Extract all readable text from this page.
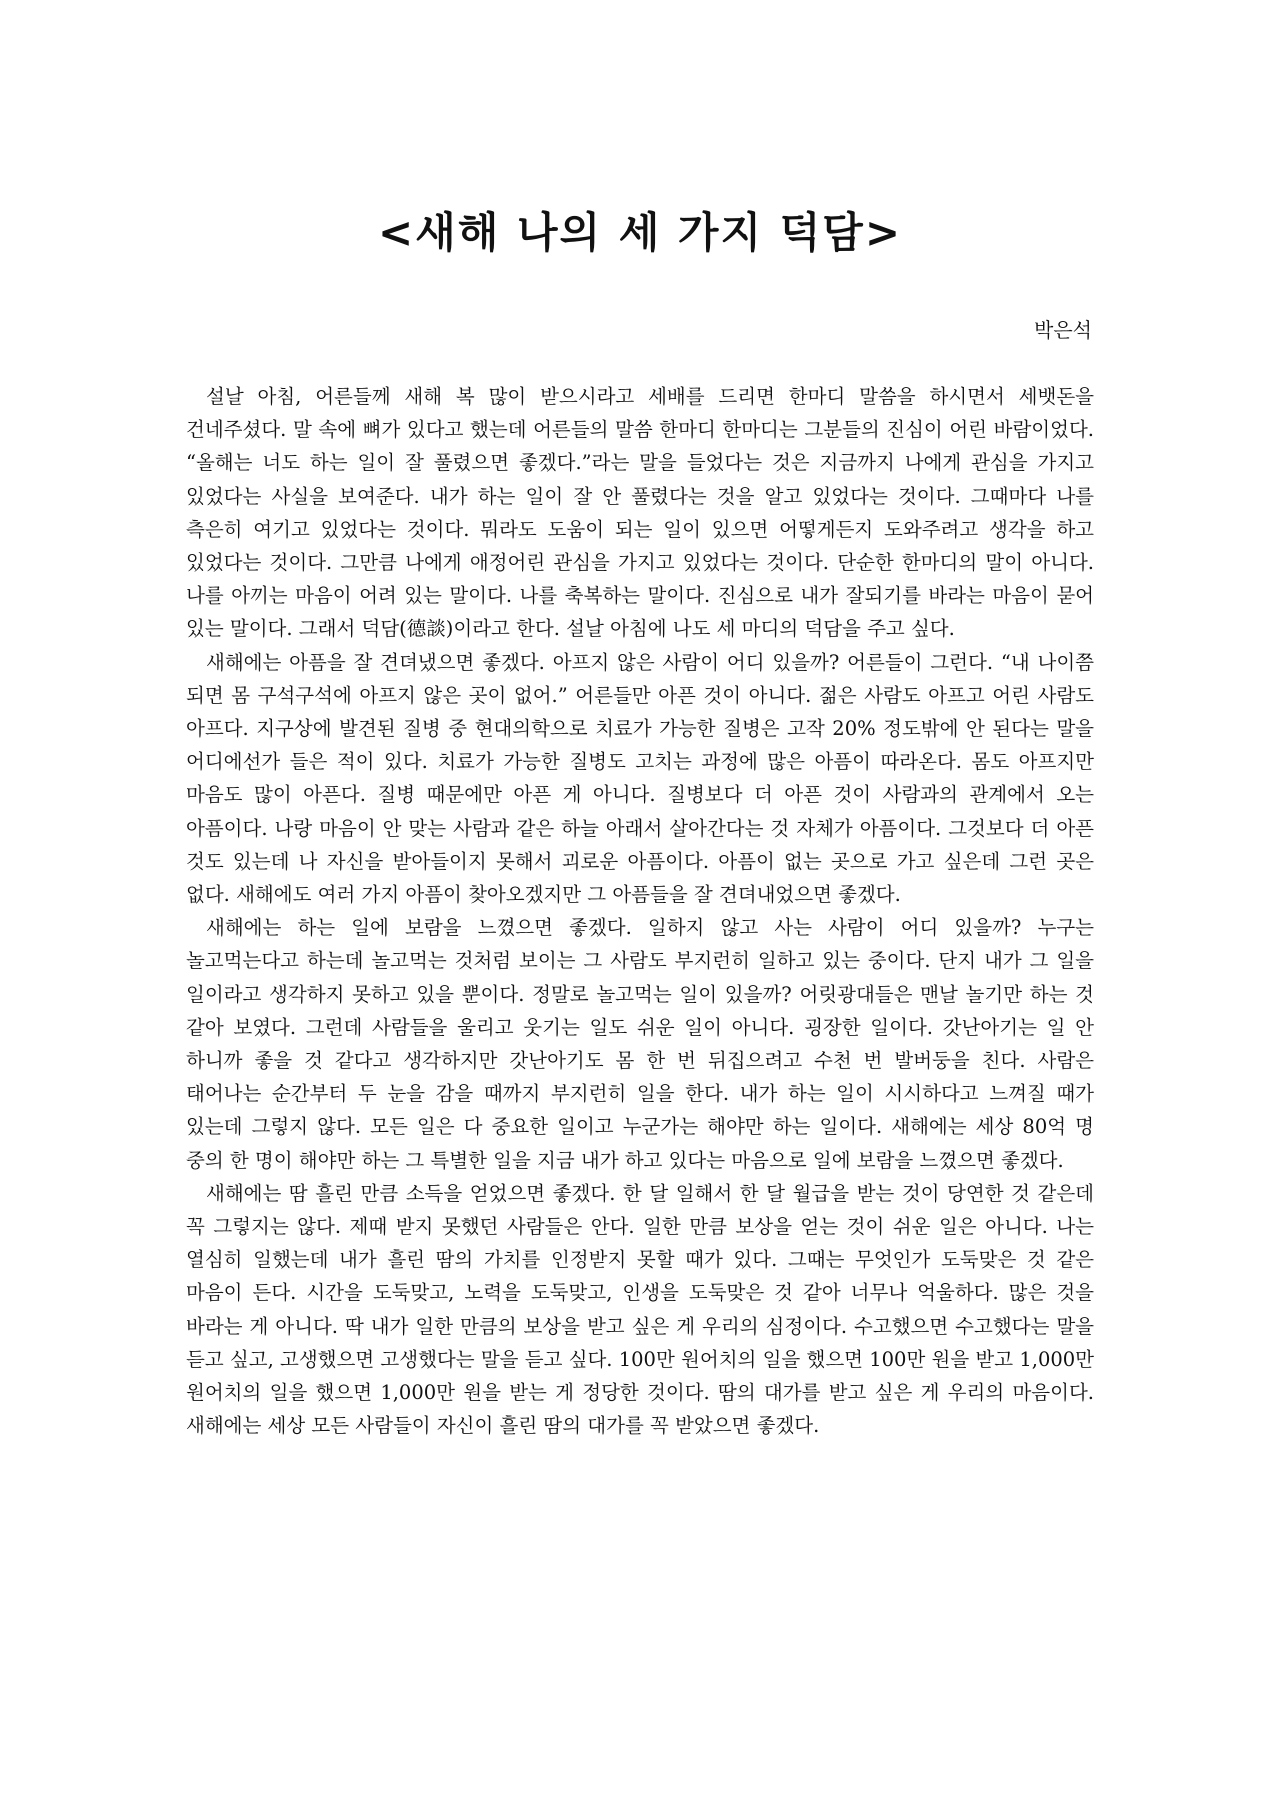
<새해 나의 세 가지 덕담>
박은석

설날 아침, 어른들께 새해 복 많이 받으시라고 세배를 드리면 한마디 말씀을 하시면서 세뱃돈을 건네주셨다. 말 속에 뼈가 있다고 했는데 어른들의 말씀 한마디 한마디는 그분들의 진심이 어린 바람이었다. “올해는 너도 하는 일이 잘 풀렸으면 좋겠다.”라는 말을 들었다는 것은 지금까지 나에게 관심을 가지고 있었다는 사실을 보여준다. 내가 하는 일이 잘 안 풀렸다는 것을 알고 있었다는 것이다. 그때마다 나를 측은히 여기고 있었다는 것이다. 뭐라도 도움이 되는 일이 있으면 어떻게든지 도와주려고 생각을 하고 있었다는 것이다. 그만큼 나에게 애정어린 관심을 가지고 있었다는 것이다. 단순한 한마디의 말이 아니다. 나를 아끼는 마음이 어려 있는 말이다. 나를 축복하는 말이다. 진심으로 내가 잘되기를 바라는 마음이 묻어 있는 말이다. 그래서 덕담(德談)이라고 한다. 설날 아침에 나도 세 마디의 덕담을 주고 싶다.

새해에는 아픔을 잘 견뎌냈으면 좋겠다. 아프지 않은 사람이 어디 있을까? 어른들이 그런다. “내 나이쯤 되면 몸 구석구석에 아프지 않은 곳이 없어.” 어른들만 아픈 것이 아니다. 젊은 사람도 아프고 어린 사람도 아프다. 지구상에 발견된 질병 중 현대의학으로 치료가 가능한 질병은 고작 20% 정도밖에 안 된다는 말을 어디에선가 들은 적이 있다. 치료가 가능한 질병도 고치는 과정에 많은 아픔이 따라온다. 몸도 아프지만 마음도 많이 아픈다. 질병 때문에만 아픈 게 아니다. 질병보다 더 아픈 것이 사람과의 관계에서 오는 아픔이다. 나랑 마음이 안 맞는 사람과 같은 하늘 아래서 살아간다는 것 자체가 아픔이다. 그것보다 더 아픈 것도 있는데 나 자신을 받아들이지 못해서 괴로운 아픔이다. 아픔이 없는 곳으로 가고 싶은데 그런 곳은 없다. 새해에도 여러 가지 아픔이 찾아오겠지만 그 아픔들을 잘 견뎌내었으면 좋겠다.

새해에는 하는 일에 보람을 느꼈으면 좋겠다. 일하지 않고 사는 사람이 어디 있을까? 누구는 놀고먹는다고 하는데 놀고먹는 것처럼 보이는 그 사람도 부지런히 일하고 있는 중이다. 단지 내가 그 일을 일이라고 생각하지 못하고 있을 뿐이다. 정말로 놀고먹는 일이 있을까? 어릿광대들은 맨날 놀기만 하는 것 같아 보였다. 그런데 사람들을 울리고 웃기는 일도 쉬운 일이 아니다. 굉장한 일이다. 갓난아기는 일 안 하니까 좋을 것 같다고 생각하지만 갓난아기도 몸 한 번 뒤집으려고 수천 번 발버둥을 친다. 사람은 태어나는 순간부터 두 눈을 감을 때까지 부지런히 일을 한다. 내가 하는 일이 시시하다고 느껴질 때가 있는데 그렇지 않다. 모든 일은 다 중요한 일이고 누군가는 해야만 하는 일이다. 새해에는 세상 80억 명 중의 한 명이 해야만 하는 그 특별한 일을 지금 내가 하고 있다는 마음으로 일에 보람을 느꼈으면 좋겠다.

새해에는 땀 흘린 만큼 소득을 얻었으면 좋겠다. 한 달 일해서 한 달 월급을 받는 것이 당연한 것 같은데 꼭 그렇지는 않다. 제때 받지 못했던 사람들은 안다. 일한 만큼 보상을 얻는 것이 쉬운 일은 아니다. 나는 열심히 일했는데 내가 흘린 땀의 가치를 인정받지 못할 때가 있다. 그때는 무엇인가 도둑맞은 것 같은 마음이 든다. 시간을 도둑맞고, 노력을 도둑맞고, 인생을 도둑맞은 것 같아 너무나 억울하다. 많은 것을 바라는 게 아니다. 딱 내가 일한 만큼의 보상을 받고 싶은 게 우리의 심정이다. 수고했으면 수고했다는 말을 듣고 싶고, 고생했으면 고생했다는 말을 듣고 싶다. 100만 원어치의 일을 했으면 100만 원을 받고 1,000만 원어치의 일을 했으면 1,000만 원을 받는 게 정당한 것이다. 땀의 대가를 받고 싶은 게 우리의 마음이다. 새해에는 세상 모든 사람들이 자신이 흘린 땀의 대가를 꼭 받았으면 좋겠다.
